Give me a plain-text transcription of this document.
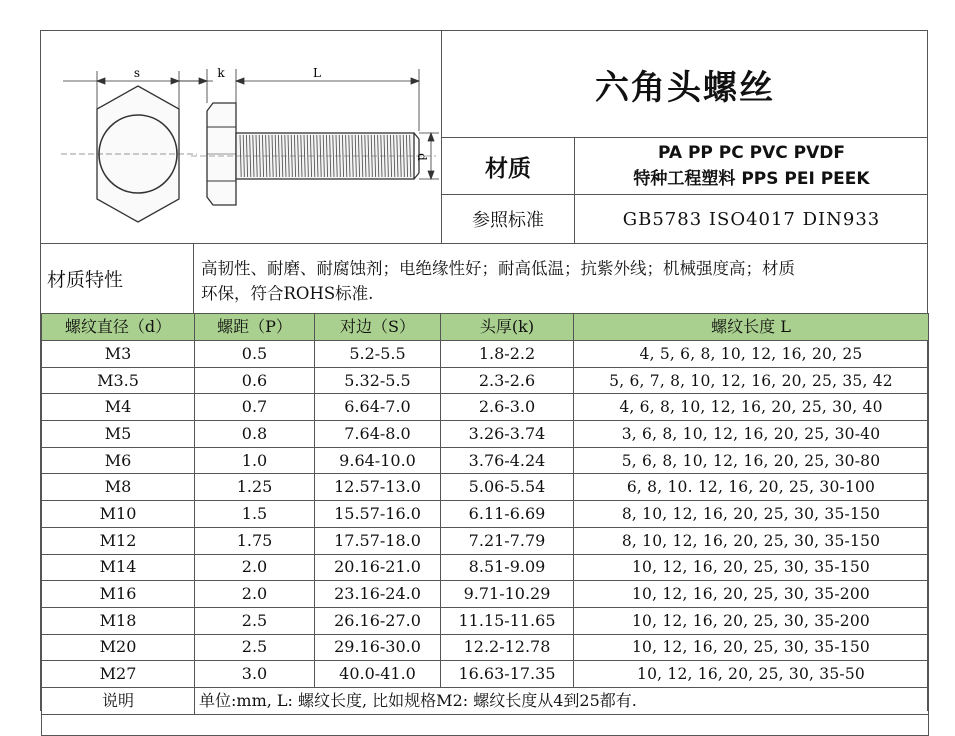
s	k	L
d
六角头螺丝
材质
PA PP PC PVC PVDF
特种工程塑料 PPS PEI PEEK
参照标准	GB5783 ISO4017 DIN933
材质特性
高韧性、耐磨、耐腐蚀剂；电绝缘性好；耐高低温；抗紫外线；机械强度高；材质
环保，符合ROHS标准.
螺纹直径（d）	螺距（P）	对边（S）	头厚(k)	螺纹长度 L
M3	0.5	5.2-5.5	1.8-2.2	4, 5, 6, 8, 10, 12, 16, 20, 25
M3.5	0.6	5.32-5.5	2.3-2.6	5, 6, 7, 8, 10, 12, 16, 20, 25, 35, 42
M4	0.7	6.64-7.0	2.6-3.0	4, 6, 8, 10, 12, 16, 20, 25, 30, 40
M5	0.8	7.64-8.0	3.26-3.74	3, 6, 8, 10, 12, 16, 20, 25, 30-40
M6	1.0	9.64-10.0	3.76-4.24	5, 6, 8, 10, 12, 16, 20, 25, 30-80
M8	1.25	12.57-13.0	5.06-5.54	6, 8, 10. 12, 16, 20, 25, 30-100
M10	1.5	15.57-16.0	6.11-6.69	8, 10, 12, 16, 20, 25, 30, 35-150
M12	1.75	17.57-18.0	7.21-7.79	8, 10, 12, 16, 20, 25, 30, 35-150
M14	2.0	20.16-21.0	8.51-9.09	10, 12, 16, 20, 25, 30, 35-150
M16	2.0	23.16-24.0	9.71-10.29	10, 12, 16, 20, 25, 30, 35-200
M18	2.5	26.16-27.0	11.15-11.65	10, 12, 16, 20, 25, 30, 35-200
M20	2.5	29.16-30.0	12.2-12.78	10, 12, 16, 20, 25, 30, 35-150
M27	3.0	40.0-41.0	16.63-17.35	10, 12, 16, 20, 25, 30, 35-50
说明	单位:mm, L: 螺纹长度, 比如规格M2: 螺纹长度从4到25都有.			
